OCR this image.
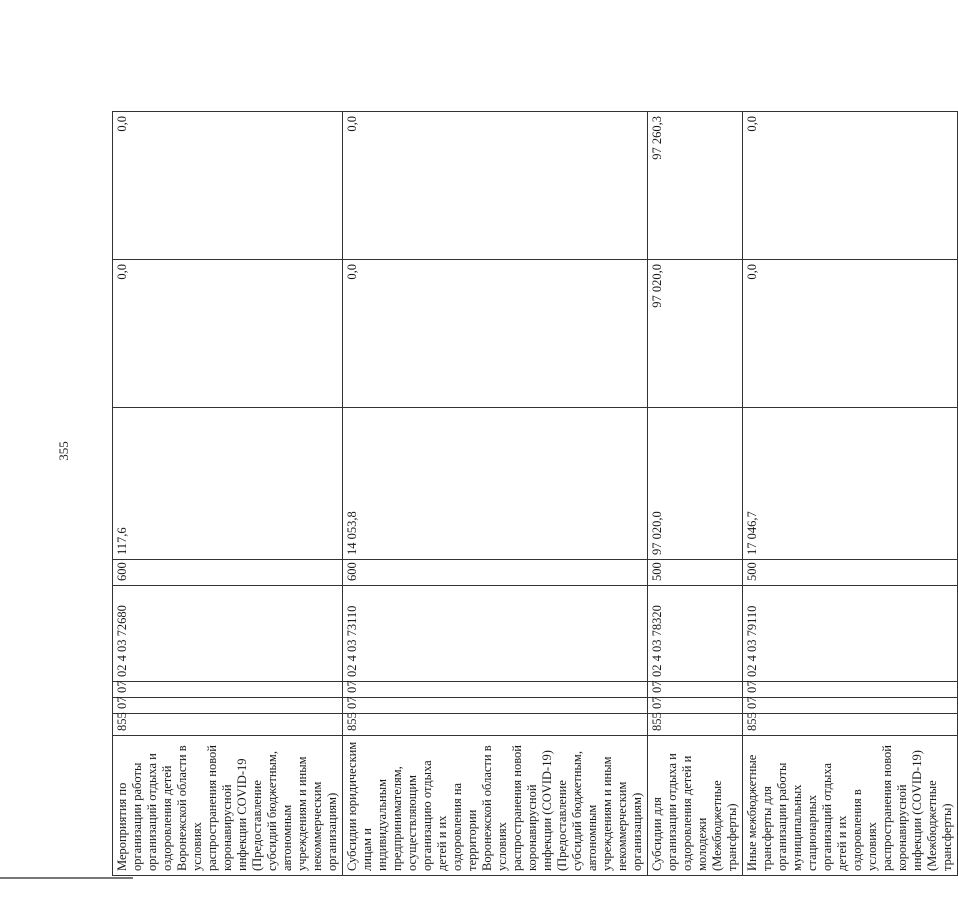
355
Мероприятия по организации работы организаций отдыха и оздоровления детей Воронежской области в условиях распространения новой коронавирусной инфекции COVID-19 (Предоставление субсидий бюджетным, автономным учреждениям и иным некоммерческим организациям)	855	07	07	02 4 03 72680	600	117,6	0,0	0,0
Субсидии юридическим лицам и индивидуальным предпринимателям, осуществляющим организацию отдыха детей и их оздоровления на территории Воронежской области в условиях распространения новой коронавирусной инфекции (COVID-19)(Предоставление субсидий бюджетным, автономным учреждениям и иным некоммерческим организациям)	855	07	07	02 4 03 73110	600	14 053,8	0,0	0,0
Субсидии для организации отдыха и оздоровления детей и молодежи (Межбюджетные трансферты)	855	07	07	02 4 03 78320	500	97 020,0	97 020,0	97 260,3
Иные межбюджетные трансферты для организации работы муниципальных стационарных организаций отдыха детей и их оздоровления в условиях распространения новой коронавирусной инфекции (COVID-19) (Межбюджетные трансферты)	855	07	07	02 4 03 79110	500	17 046,7	0,0	0,0
